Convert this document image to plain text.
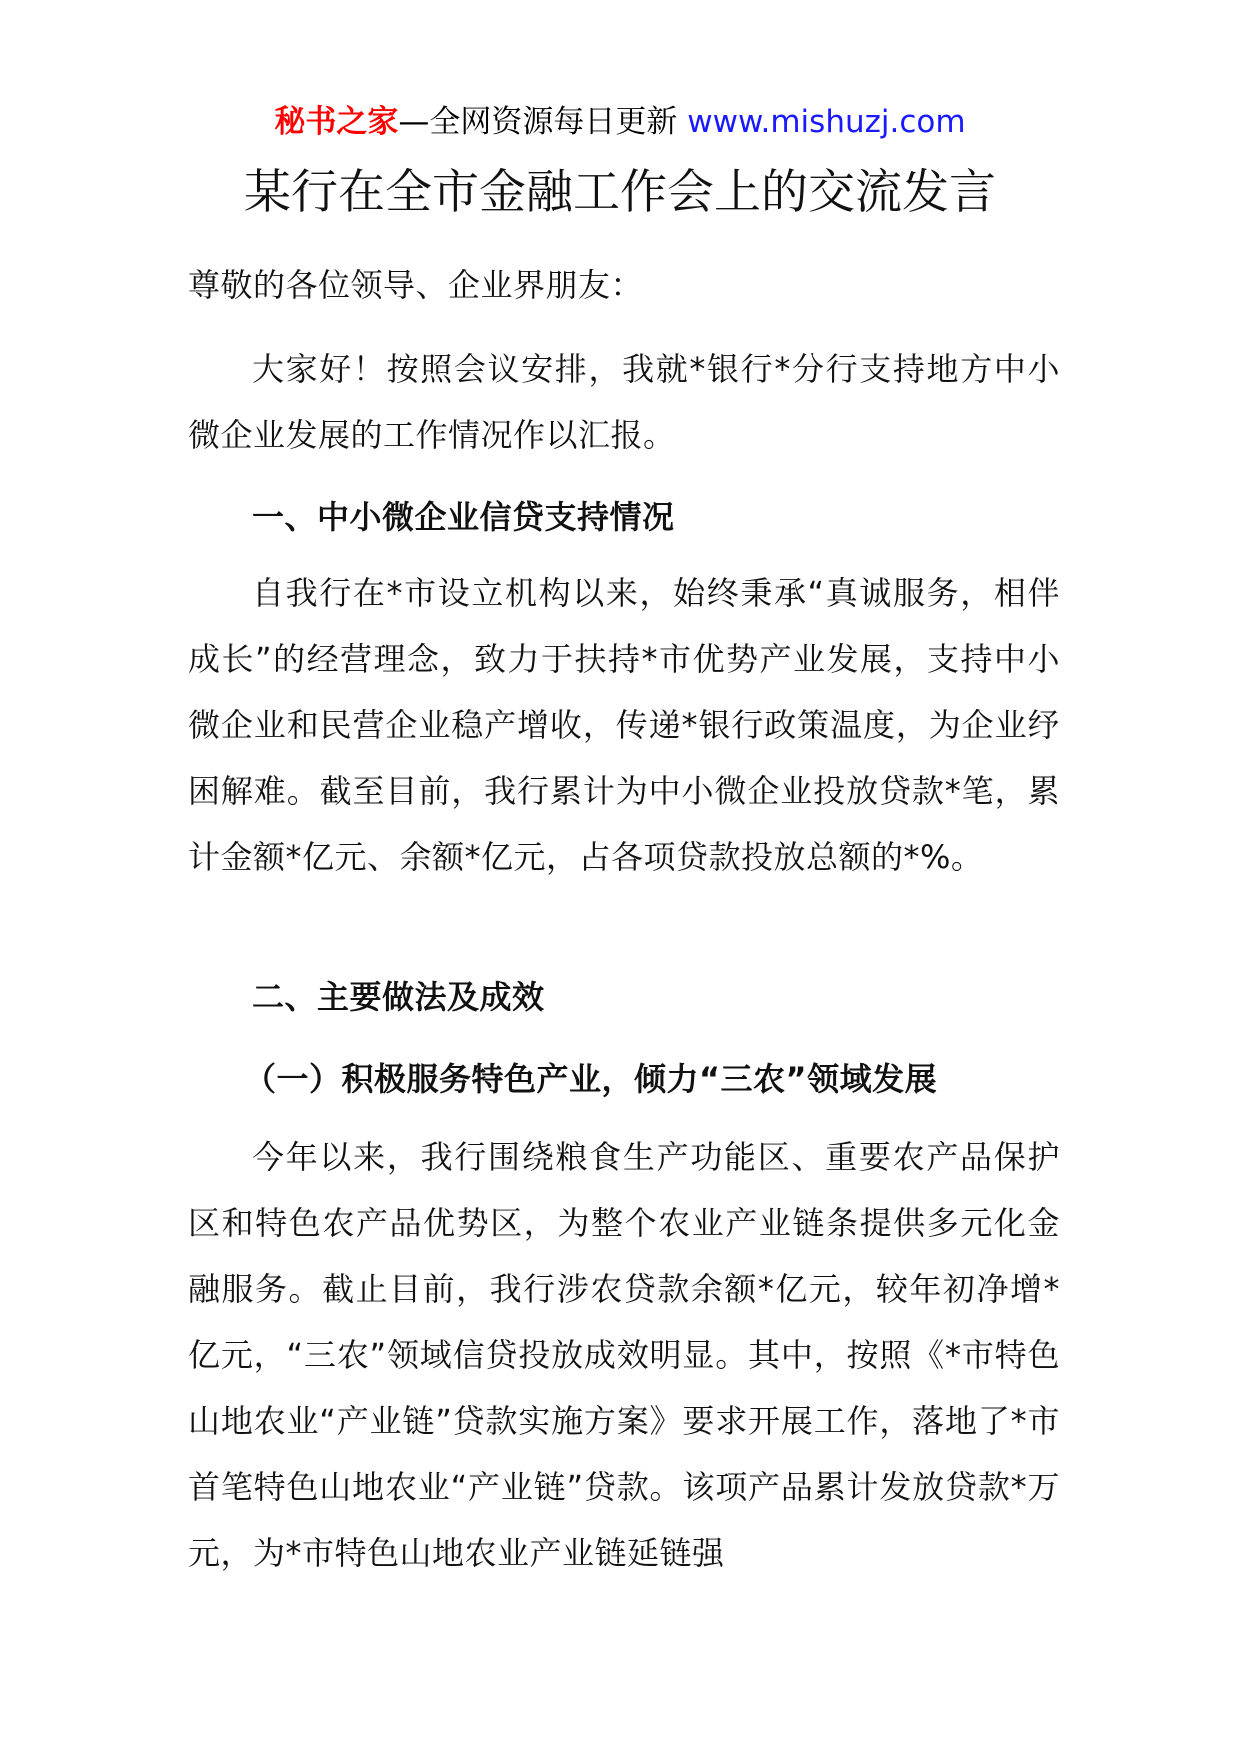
秘书之家—全网资源每日更新 www.mishuzj.com
某行在全市金融工作会上的交流发言

尊敬的各位领导、企业界朋友：

大家好！按照会议安排，我就*银行*分行支持地方中小微企业发展的工作情况作以汇报。

一、中小微企业信贷支持情况

自我行在*市设立机构以来，始终秉承“真诚服务，相伴成长”的经营理念，致力于扶持*市优势产业发展，支持中小微企业和民营企业稳产增收，传递*银行政策温度，为企业纾困解难。截至目前，我行累计为中小微企业投放贷款*笔，累计金额*亿元、余额*亿元，占各项贷款投放总额的*%。

二、主要做法及成效

（一）积极服务特色产业，倾力“三农”领域发展

今年以来，我行围绕粮食生产功能区、重要农产品保护区和特色农产品优势区，为整个农业产业链条提供多元化金融服务。截止目前，我行涉农贷款余额*亿元，较年初净增*亿元，“三农”领域信贷投放成效明显。其中，按照《*市特色山地农业“产业链”贷款实施方案》要求开展工作，落地了*市首笔特色山地农业“产业链”贷款。该项产品累计发放贷款*万元，为*市特色山地农业产业链延链强
